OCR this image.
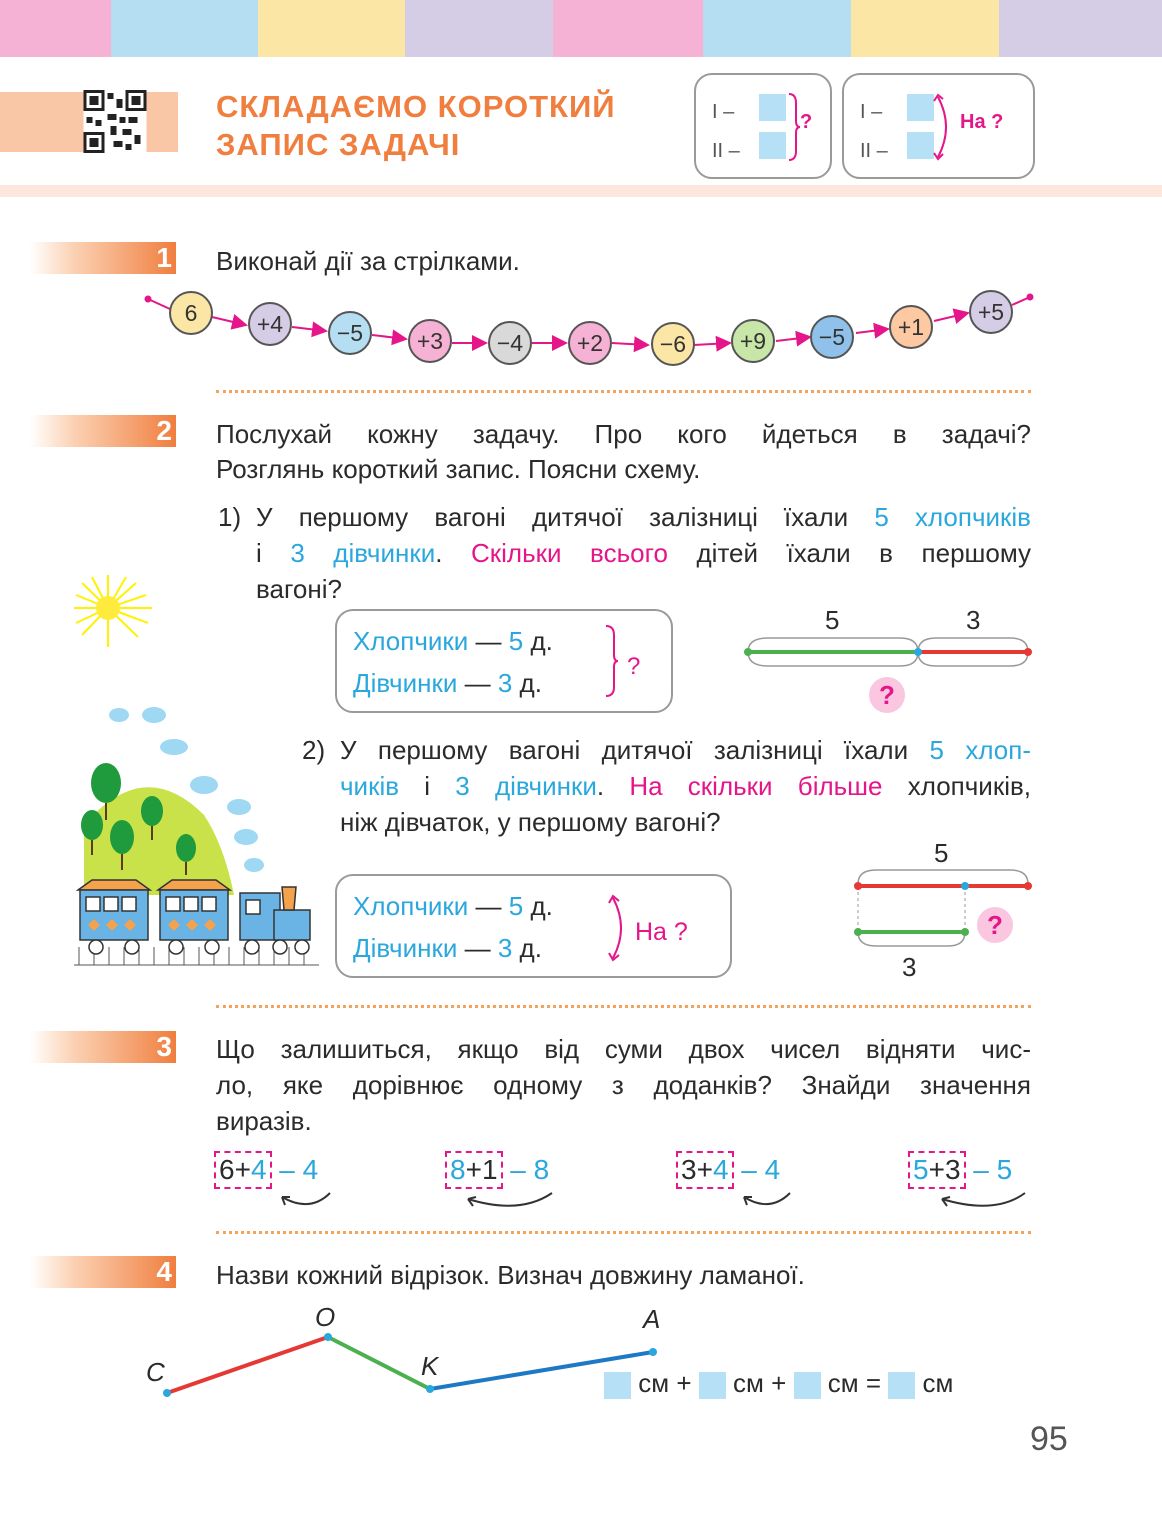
СКЛАДАЄМО КОРОТКИЙ
ЗАПИС ЗАДАЧІ
І –
ІІ –
? І –
ІІ –
На ?
1 Виконай дії за стрілками.
6	+4 −5 +3 −4 +2 −6 +9 −5 +1
+5
2 Послухай кожну задачу. Про кого йдеться в задачі?
Розглянь короткий запис. Поясни схему.
1) У першому вагоні дитячої залізниці їхали 5 хлопчиків
і 3 дівчинки. Скільки всього дітей їхали в першому
вагоні?
Хлопчики — 5 д.
Дівчинки — 3 д.
?
5	3
?
2) У першому вагоні дитячої залізниці їхали 5 хлоп-
чиків і 3 дівчинки. На скільки більше хлопчиків,
ніж дівчаток, у першому вагоні?
Хлопчики — 5 д.
Дівчинки — 3 д.
На ?
5
?
3
3 Що залишиться, якщо від суми двох чисел відняти чис-
ло, яке дорівнює одному з доданків? Знайди значення
виразів.
6+4 – 4	8+1 – 8	3+4 – 4	5+3 – 5
4 Назви кожний відрізок. Визнач довжину ламаної.
C
O
K
A
см + см + см = см
95
